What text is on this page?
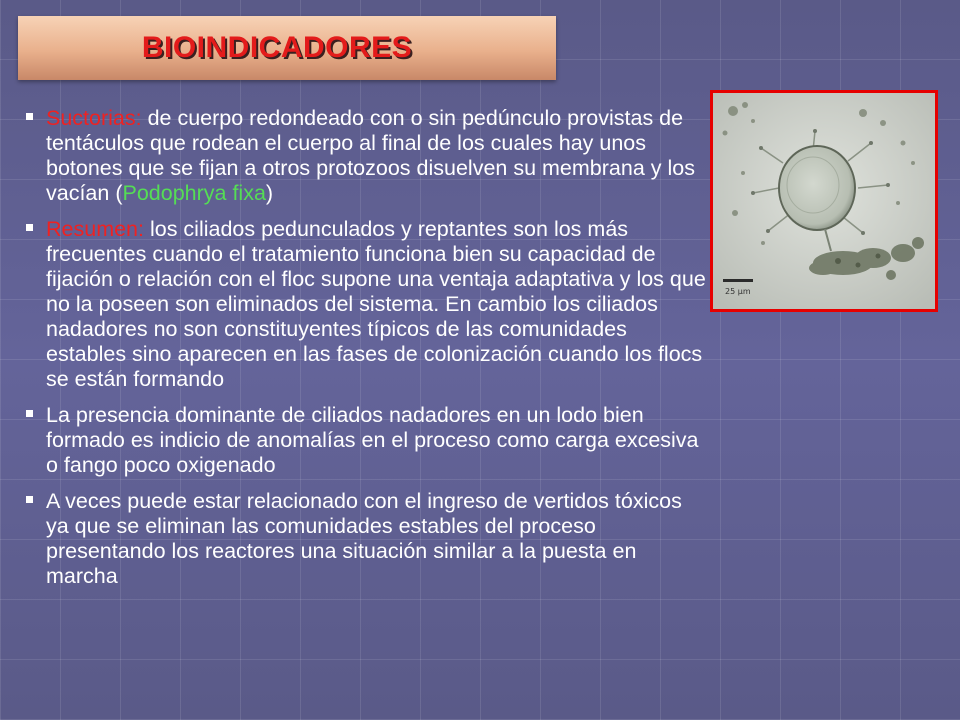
BIOINDICADORES
Suctorias: de cuerpo redondeado con o sin pedúnculo provistas de tentáculos que rodean el cuerpo al final de los cuales hay unos botones que se fijan a otros protozoos disuelven su membrana y los vacían (Podophrya fixa)
Resumen: los ciliados pedunculados y reptantes son los más frecuentes cuando el tratamiento funciona bien su capacidad de fijación o relación con el floc supone una ventaja adaptativa y los que no la poseen son eliminados del sistema. En cambio los ciliados nadadores no son constituyentes típicos de las comunidades estables sino aparecen en las fases de colonización cuando los flocs se están formando
La presencia dominante de ciliados nadadores en un lodo bien formado es indicio de anomalías en el proceso como carga excesiva o fango poco oxigenado
A veces puede estar relacionado con el ingreso de vertidos tóxicos ya que se eliminan las comunidades estables del proceso presentando los reactores una situación similar a la puesta en marcha
25 µm
